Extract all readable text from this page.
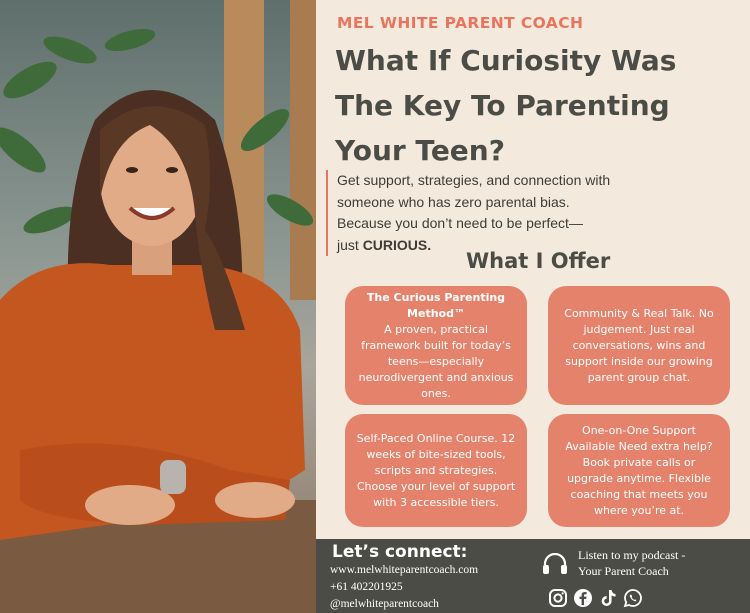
MEL WHITE PARENT COACH
What If Curiosity Was
The Key To Parenting
Your Teen?
Get support, strategies, and connection with
someone who has zero parental bias.
Because you don’t need to be perfect—
just CURIOUS.
What I Offer
The Curious Parenting
Method™
A proven, practical framework built for today’s teens—especially neurodivergent and anxious ones.
Community & Real Talk. No judgement. Just real conversations, wins and support inside our growing parent group chat.
Self-Paced Online Course. 12 weeks of bite-sized tools, scripts and strategies. Choose your level of support with 3 accessible tiers.
One-on-One Support Available Need extra help? Book private calls or upgrade anytime. Flexible coaching that meets you where you’re at.
Let’s connect:
www.melwhiteparentcoach.com
+61 402201925
@melwhiteparentcoach
Listen to my podcast -
Your Parent Coach
